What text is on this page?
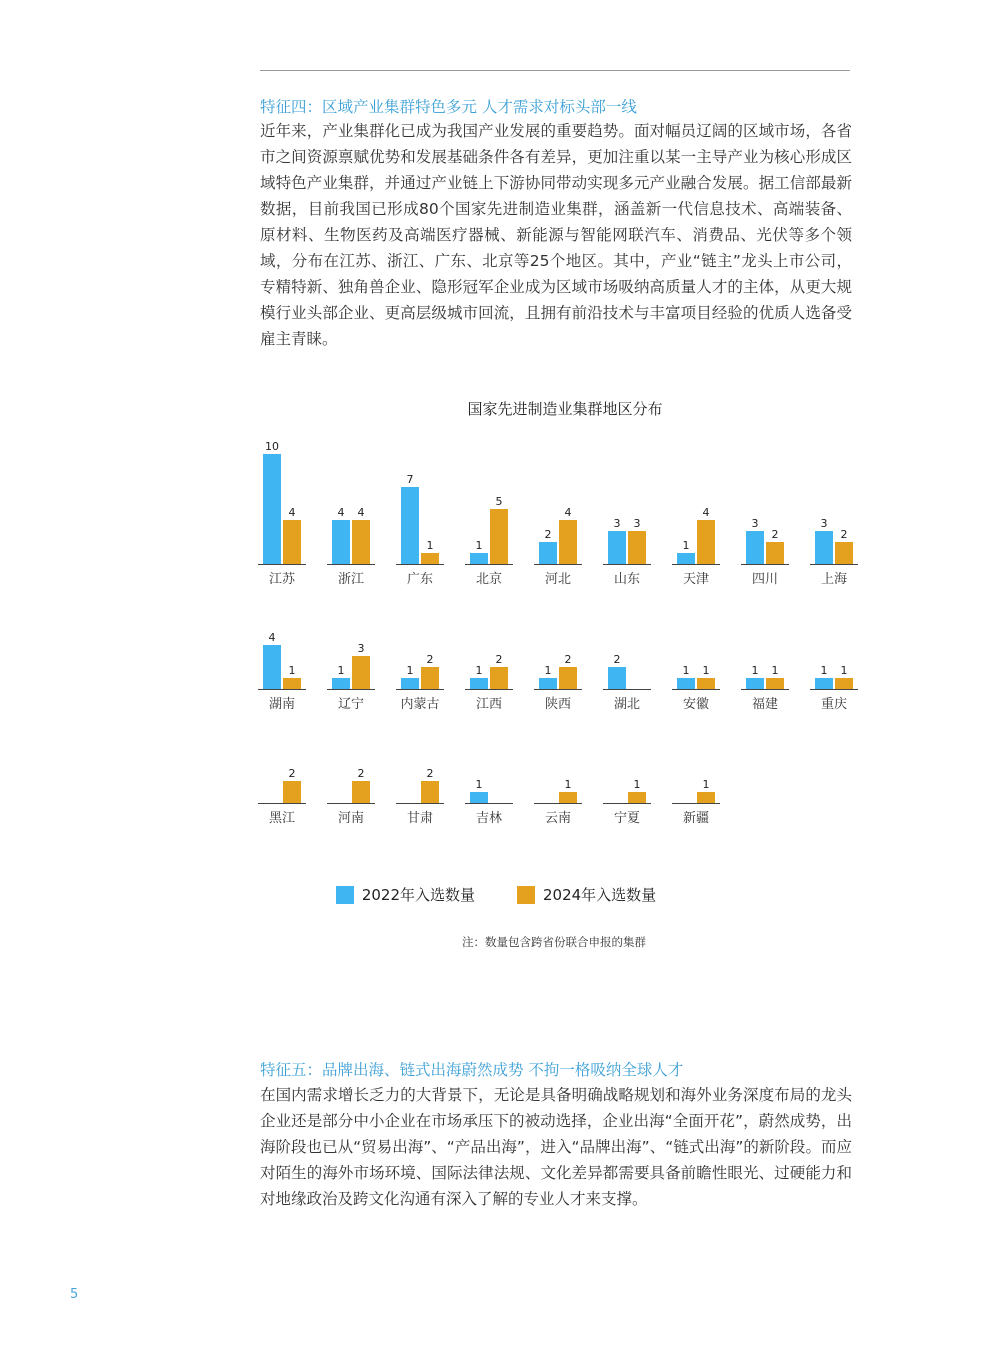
特征四：区域产业集群特色多元 人才需求对标头部一线

近年来，产业集群化已成为我国产业发展的重要趋势。面对幅员辽阔的区域市场，各省市之间资源禀赋优势和发展基础条件各有差异，更加注重以某一主导产业为核心形成区域特色产业集群，并通过产业链上下游协同带动实现多元产业融合发展。据工信部最新数据，目前我国已形成80个国家先进制造业集群，涵盖新一代信息技术、高端装备、原材料、生物医药及高端医疗器械、新能源与智能网联汽车、消费品、光伏等多个领域，分布在江苏、浙江、广东、北京等25个地区。其中，产业“链主”龙头上市公司，专精特新、独角兽企业、隐形冠军企业成为区域市场吸纳高质量人才的主体，从更大规模行业头部企业、更高层级城市回流，且拥有前沿技术与丰富项目经验的优质人选备受雇主青睐。

国家先进制造业集群地区分布
10
4
江苏
4 4
浙江
7
1
广东
1
5
北京
2
4
河北
3 3
山东
1
4
天津
3
2
四川
3
2
上海
4
1
湖南
1
3
辽宁
1
2
内蒙古
1
2
江西
1
2
陕西
2
湖北
1 1
安徽
1 1
福建
1 1
重庆
2
黑江
2
河南
2
甘肃
1
吉林
1
云南
1
宁夏
1
新疆
2022年入选数量	2024年入选数量
注：数量包含跨省份联合申报的集群
特征五：品牌出海、链式出海蔚然成势 不拘一格吸纳全球人才

在国内需求增长乏力的大背景下，无论是具备明确战略规划和海外业务深度布局的龙头企业还是部分中小企业在市场承压下的被动选择，企业出海“全面开花”，蔚然成势，出海阶段也已从“贸易出海”、“产品出海”，进入“品牌出海”、“链式出海”的新阶段。而应对陌生的海外市场环境、国际法律法规、文化差异都需要具备前瞻性眼光、过硬能力和对地缘政治及跨文化沟通有深入了解的专业人才来支撑。

5
